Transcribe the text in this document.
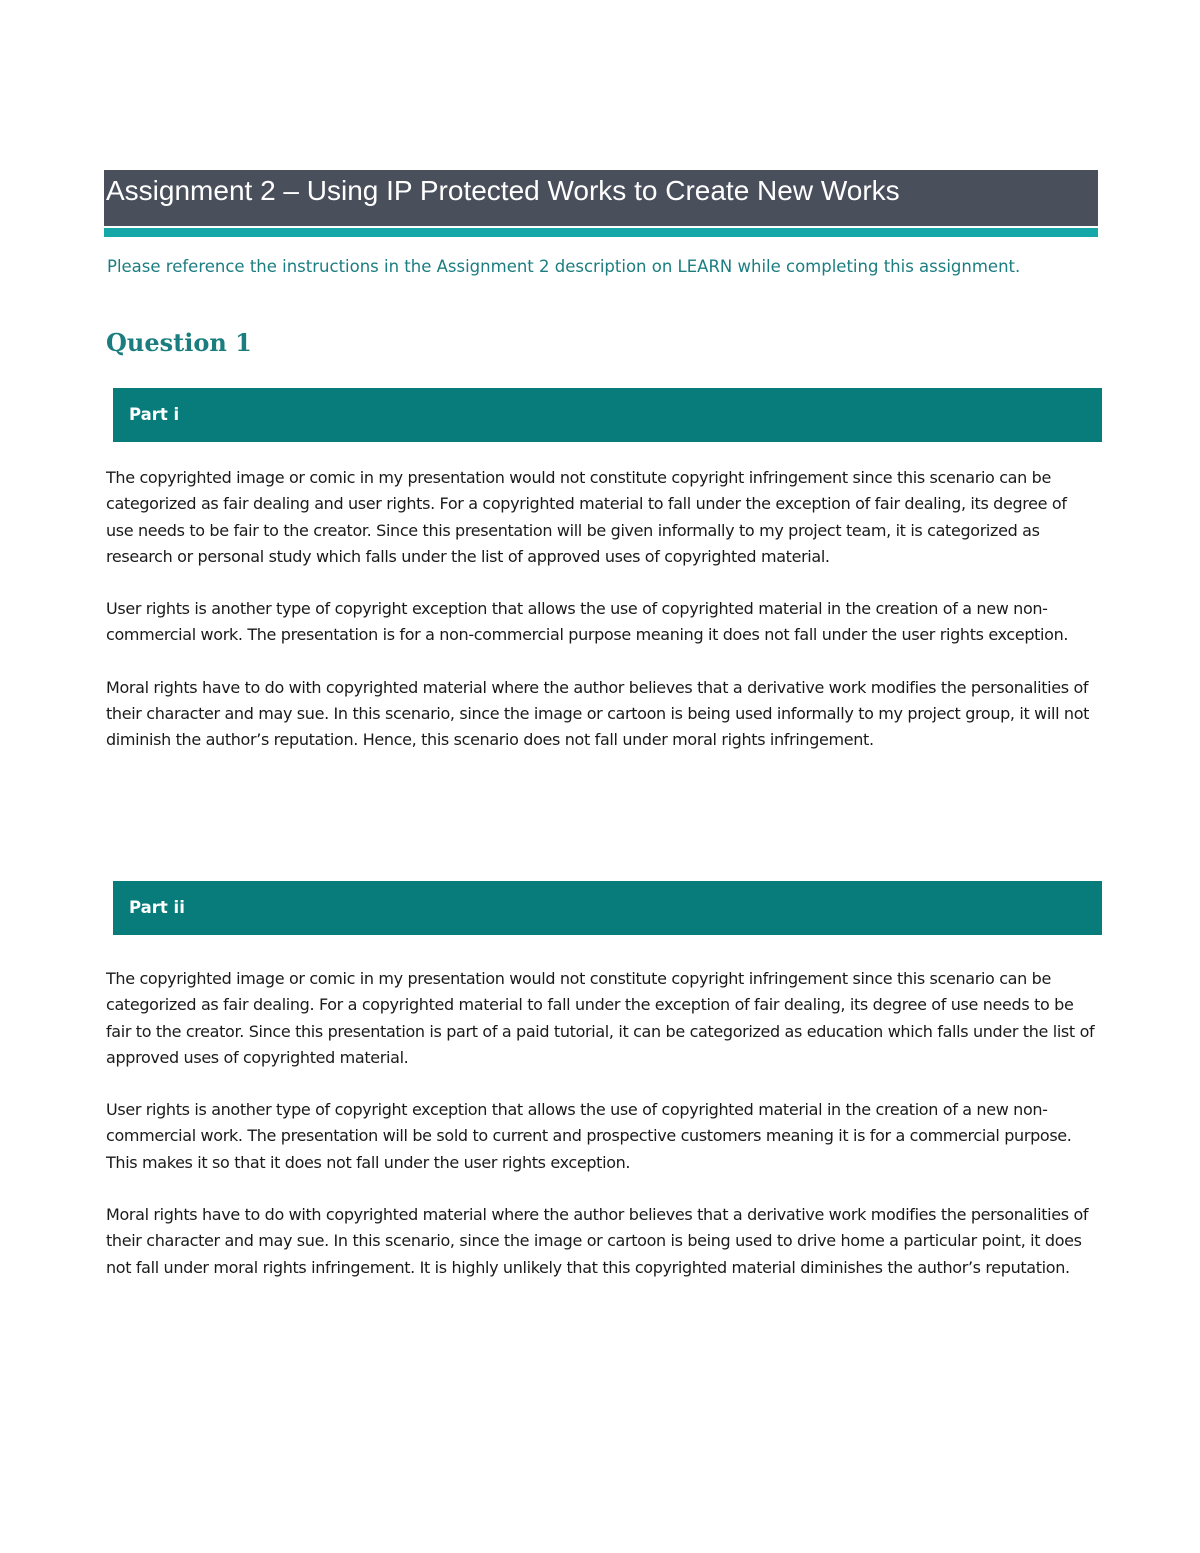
Assignment 2 – Using IP Protected Works to Create New Works
Please reference the instructions in the Assignment 2 description on LEARN while completing this assignment.
Question 1
Part i

The copyrighted image or comic in my presentation would not constitute copyright infringement since this scenario can be categorized as fair dealing and user rights. For a copyrighted material to fall under the exception of fair dealing, its degree of use needs to be fair to the creator. Since this presentation will be given informally to my project team, it is categorized as research or personal study which falls under the list of approved uses of copyrighted material.

User rights is another type of copyright exception that allows the use of copyrighted material in the creation of a new non-commercial work. The presentation is for a non-commercial purpose meaning it does not fall under the user rights exception.

Moral rights have to do with copyrighted material where the author believes that a derivative work modifies the personalities of their character and may sue. In this scenario, since the image or cartoon is being used informally to my project group, it will not diminish the author’s reputation. Hence, this scenario does not fall under moral rights infringement.

Part ii

The copyrighted image or comic in my presentation would not constitute copyright infringement since this scenario can be categorized as fair dealing. For a copyrighted material to fall under the exception of fair dealing, its degree of use needs to be fair to the creator. Since this presentation is part of a paid tutorial, it can be categorized as education which falls under the list of approved uses of copyrighted material.

User rights is another type of copyright exception that allows the use of copyrighted material in the creation of a new non-commercial work. The presentation will be sold to current and prospective customers meaning it is for a commercial purpose. This makes it so that it does not fall under the user rights exception.

Moral rights have to do with copyrighted material where the author believes that a derivative work modifies the personalities of their character and may sue. In this scenario, since the image or cartoon is being used to drive home a particular point, it does not fall under moral rights infringement. It is highly unlikely that this copyrighted material diminishes the author’s reputation.
